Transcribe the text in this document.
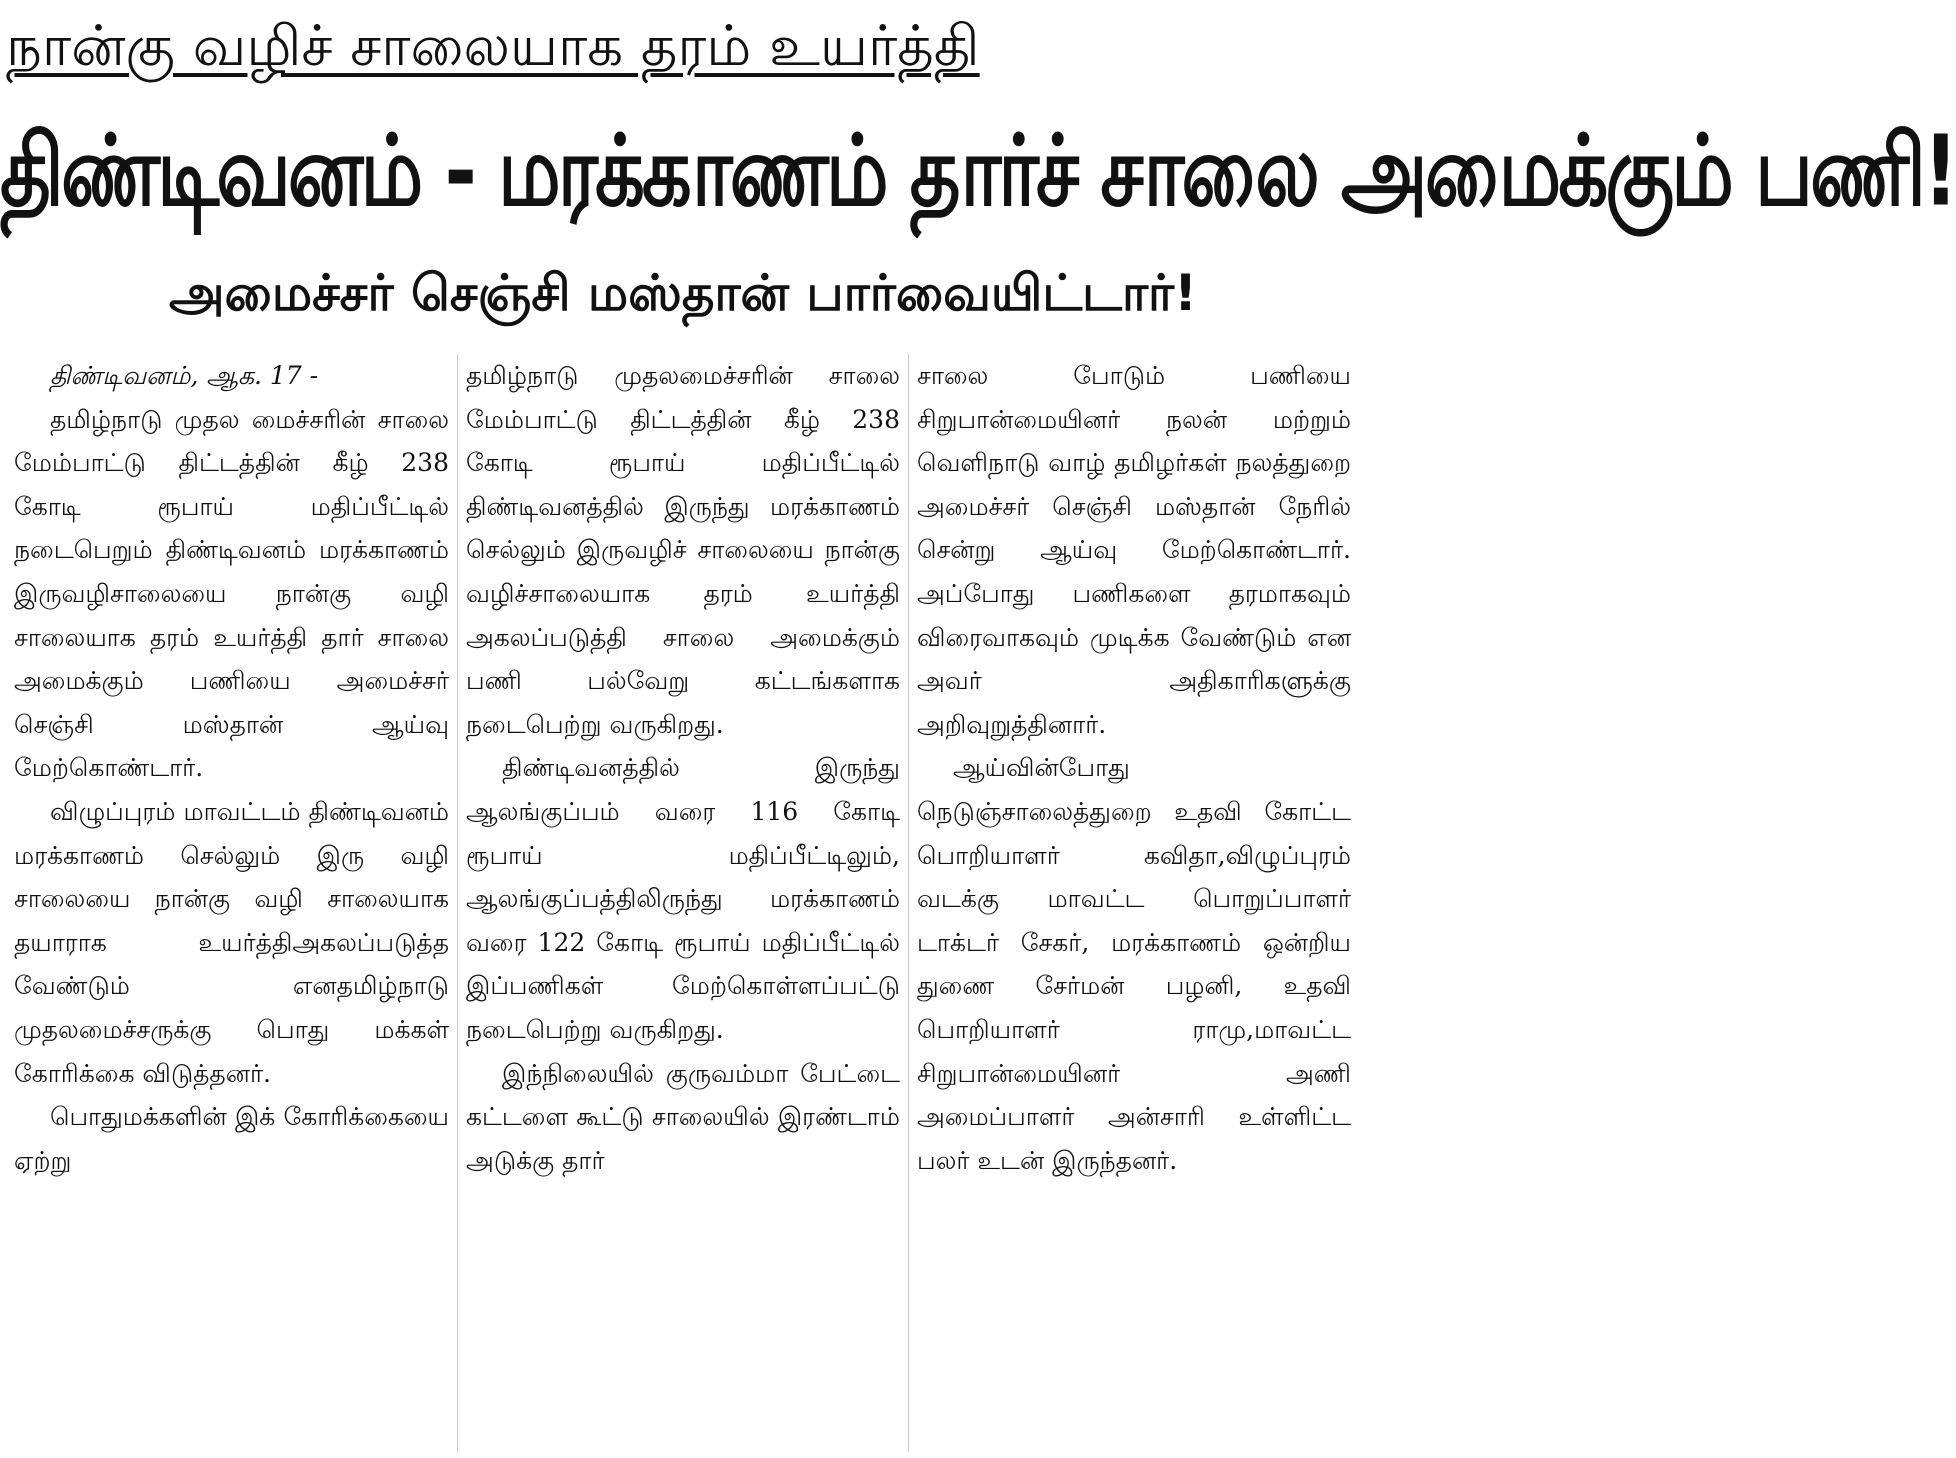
நான்கு வழிச் சாலையாக தரம் உயர்த்தி
திண்டிவனம் - மரக்காணம் தார்ச் சாலை அமைக்கும் பணி!
அமைச்சர் செஞ்சி மஸ்தான் பார்வையிட்டார்!

திண்டிவனம், ஆக. 17 -

தமிழ்நாடு முதல மைச்சரின் சாலை மேம்பாட்டு திட்டத்தின் கீழ் 238 கோடி ரூபாய் மதிப்பீட்டில் நடைபெறும் திண்டிவனம் மரக்காணம் இருவழிசாலையை நான்கு வழி சாலையாக தரம் உயர்த்தி தார் சாலை அமைக்கும் பணியை அமைச்சர் செஞ்சி மஸ்தான் ஆய்வு மேற்கொண்டார்.

விழுப்புரம் மாவட்டம் திண்டிவனம் மரக்காணம் செல்லும் இரு வழி சாலையை நான்கு வழி சாலையாக தயாராக உயர்த்திஅகலப்படுத்த வேண்டும் எனதமிழ்நாடு முதலமைச்சருக்கு பொது மக்கள் கோரிக்கை விடுத்தனர்.

பொதுமக்களின் இக் கோரிக்கையை ஏற்று

தமிழ்நாடு முதலமைச்சரின் சாலை மேம்பாட்டு திட்டத்தின் கீழ் 238 கோடி ரூபாய் மதிப்பீட்டில் திண்டிவனத்தில் இருந்து மரக்காணம் செல்லும் இருவழிச் சாலையை நான்கு வழிச்சாலையாக தரம் உயர்த்தி அகலப்படுத்தி சாலை அமைக்கும் பணி பல்வேறு கட்டங்களாக நடைபெற்று வருகிறது.

திண்டிவனத்தில் இருந்து ஆலங்குப்பம் வரை 116 கோடி ரூபாய் மதிப்பீட்டிலும், ஆலங்குப்பத்திலிருந்து மரக்காணம் வரை 122 கோடி ரூபாய் மதிப்பீட்டில் இப்பணிகள் மேற்கொள்ளப்பட்டு நடைபெற்று வருகிறது.

இந்நிலையில் குருவம்மா பேட்டை கட்டளை கூட்டு சாலையில் இரண்டாம் அடுக்கு தார்

சாலை போடும் பணியை சிறுபான்மையினர் நலன் மற்றும் வெளிநாடு வாழ் தமிழர்கள் நலத்துறை அமைச்சர் செஞ்சி மஸ்தான் நேரில் சென்று ஆய்வு மேற்கொண்டார். அப்போது பணிகளை தரமாகவும் விரைவாகவும் முடிக்க வேண்டும் என அவர் அதிகாரிகளுக்கு அறிவுறுத்தினார்.

ஆய்வின்போது நெடுஞ்சாலைத்துறை உதவி கோட்ட பொறியாளர் கவிதா,விழுப்புரம் வடக்கு மாவட்ட பொறுப்பாளர் டாக்டர் சேகர், மரக்காணம் ஒன்றிய துணை சேர்மன் பழனி, உதவி பொறியாளர் ராமு,மாவட்ட சிறுபான்மையினர் அணி அமைப்பாளர் அன்சாரி உள்ளிட்ட பலர் உடன் இருந்தனர்.
